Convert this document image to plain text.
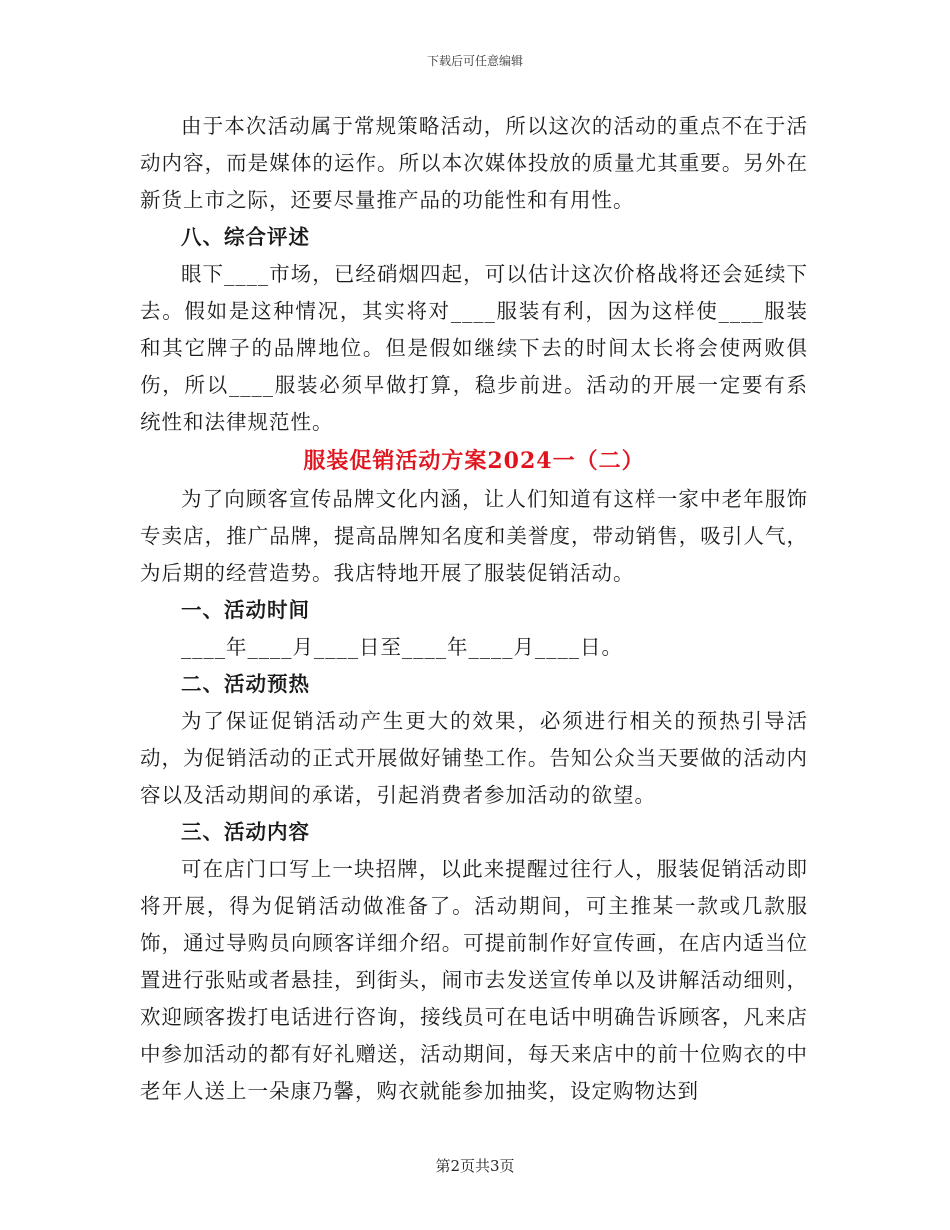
下载后可任意编辑

由于本次活动属于常规策略活动，所以这次的活动的重点不在于活动内容，而是媒体的运作。所以本次媒体投放的质量尤其重要。另外在新货上市之际，还要尽量推产品的功能性和有用性。

八、综合评述

眼下____市场，已经硝烟四起，可以估计这次价格战将还会延续下去。假如是这种情况，其实将对____服装有利，因为这样使____服装和其它牌子的品牌地位。但是假如继续下去的时间太长将会使两败俱伤，所以____服装必须早做打算，稳步前进。活动的开展一定要有系统性和法律规范性。

服装促销活动方案2024一（二）

为了向顾客宣传品牌文化内涵，让人们知道有这样一家中老年服饰专卖店，推广品牌，提高品牌知名度和美誉度，带动销售，吸引人气，为后期的经营造势。我店特地开展了服装促销活动。

一、活动时间

____年____月____日至____年____月____日。

二、活动预热

为了保证促销活动产生更大的效果，必须进行相关的预热引导活动，为促销活动的正式开展做好铺垫工作。告知公众当天要做的活动内容以及活动期间的承诺，引起消费者参加活动的欲望。

三、活动内容

可在店门口写上一块招牌，以此来提醒过往行人，服装促销活动即将开展，得为促销活动做准备了。活动期间，可主推某一款或几款服饰，通过导购员向顾客详细介绍。可提前制作好宣传画，在店内适当位置进行张贴或者悬挂，到街头，闹市去发送宣传单以及讲解活动细则，欢迎顾客拨打电话进行咨询，接线员可在电话中明确告诉顾客，凡来店中参加活动的都有好礼赠送，活动期间，每天来店中的前十位购衣的中老年人送上一朵康乃馨，购衣就能参加抽奖，设定购物达到

第2页共3页
